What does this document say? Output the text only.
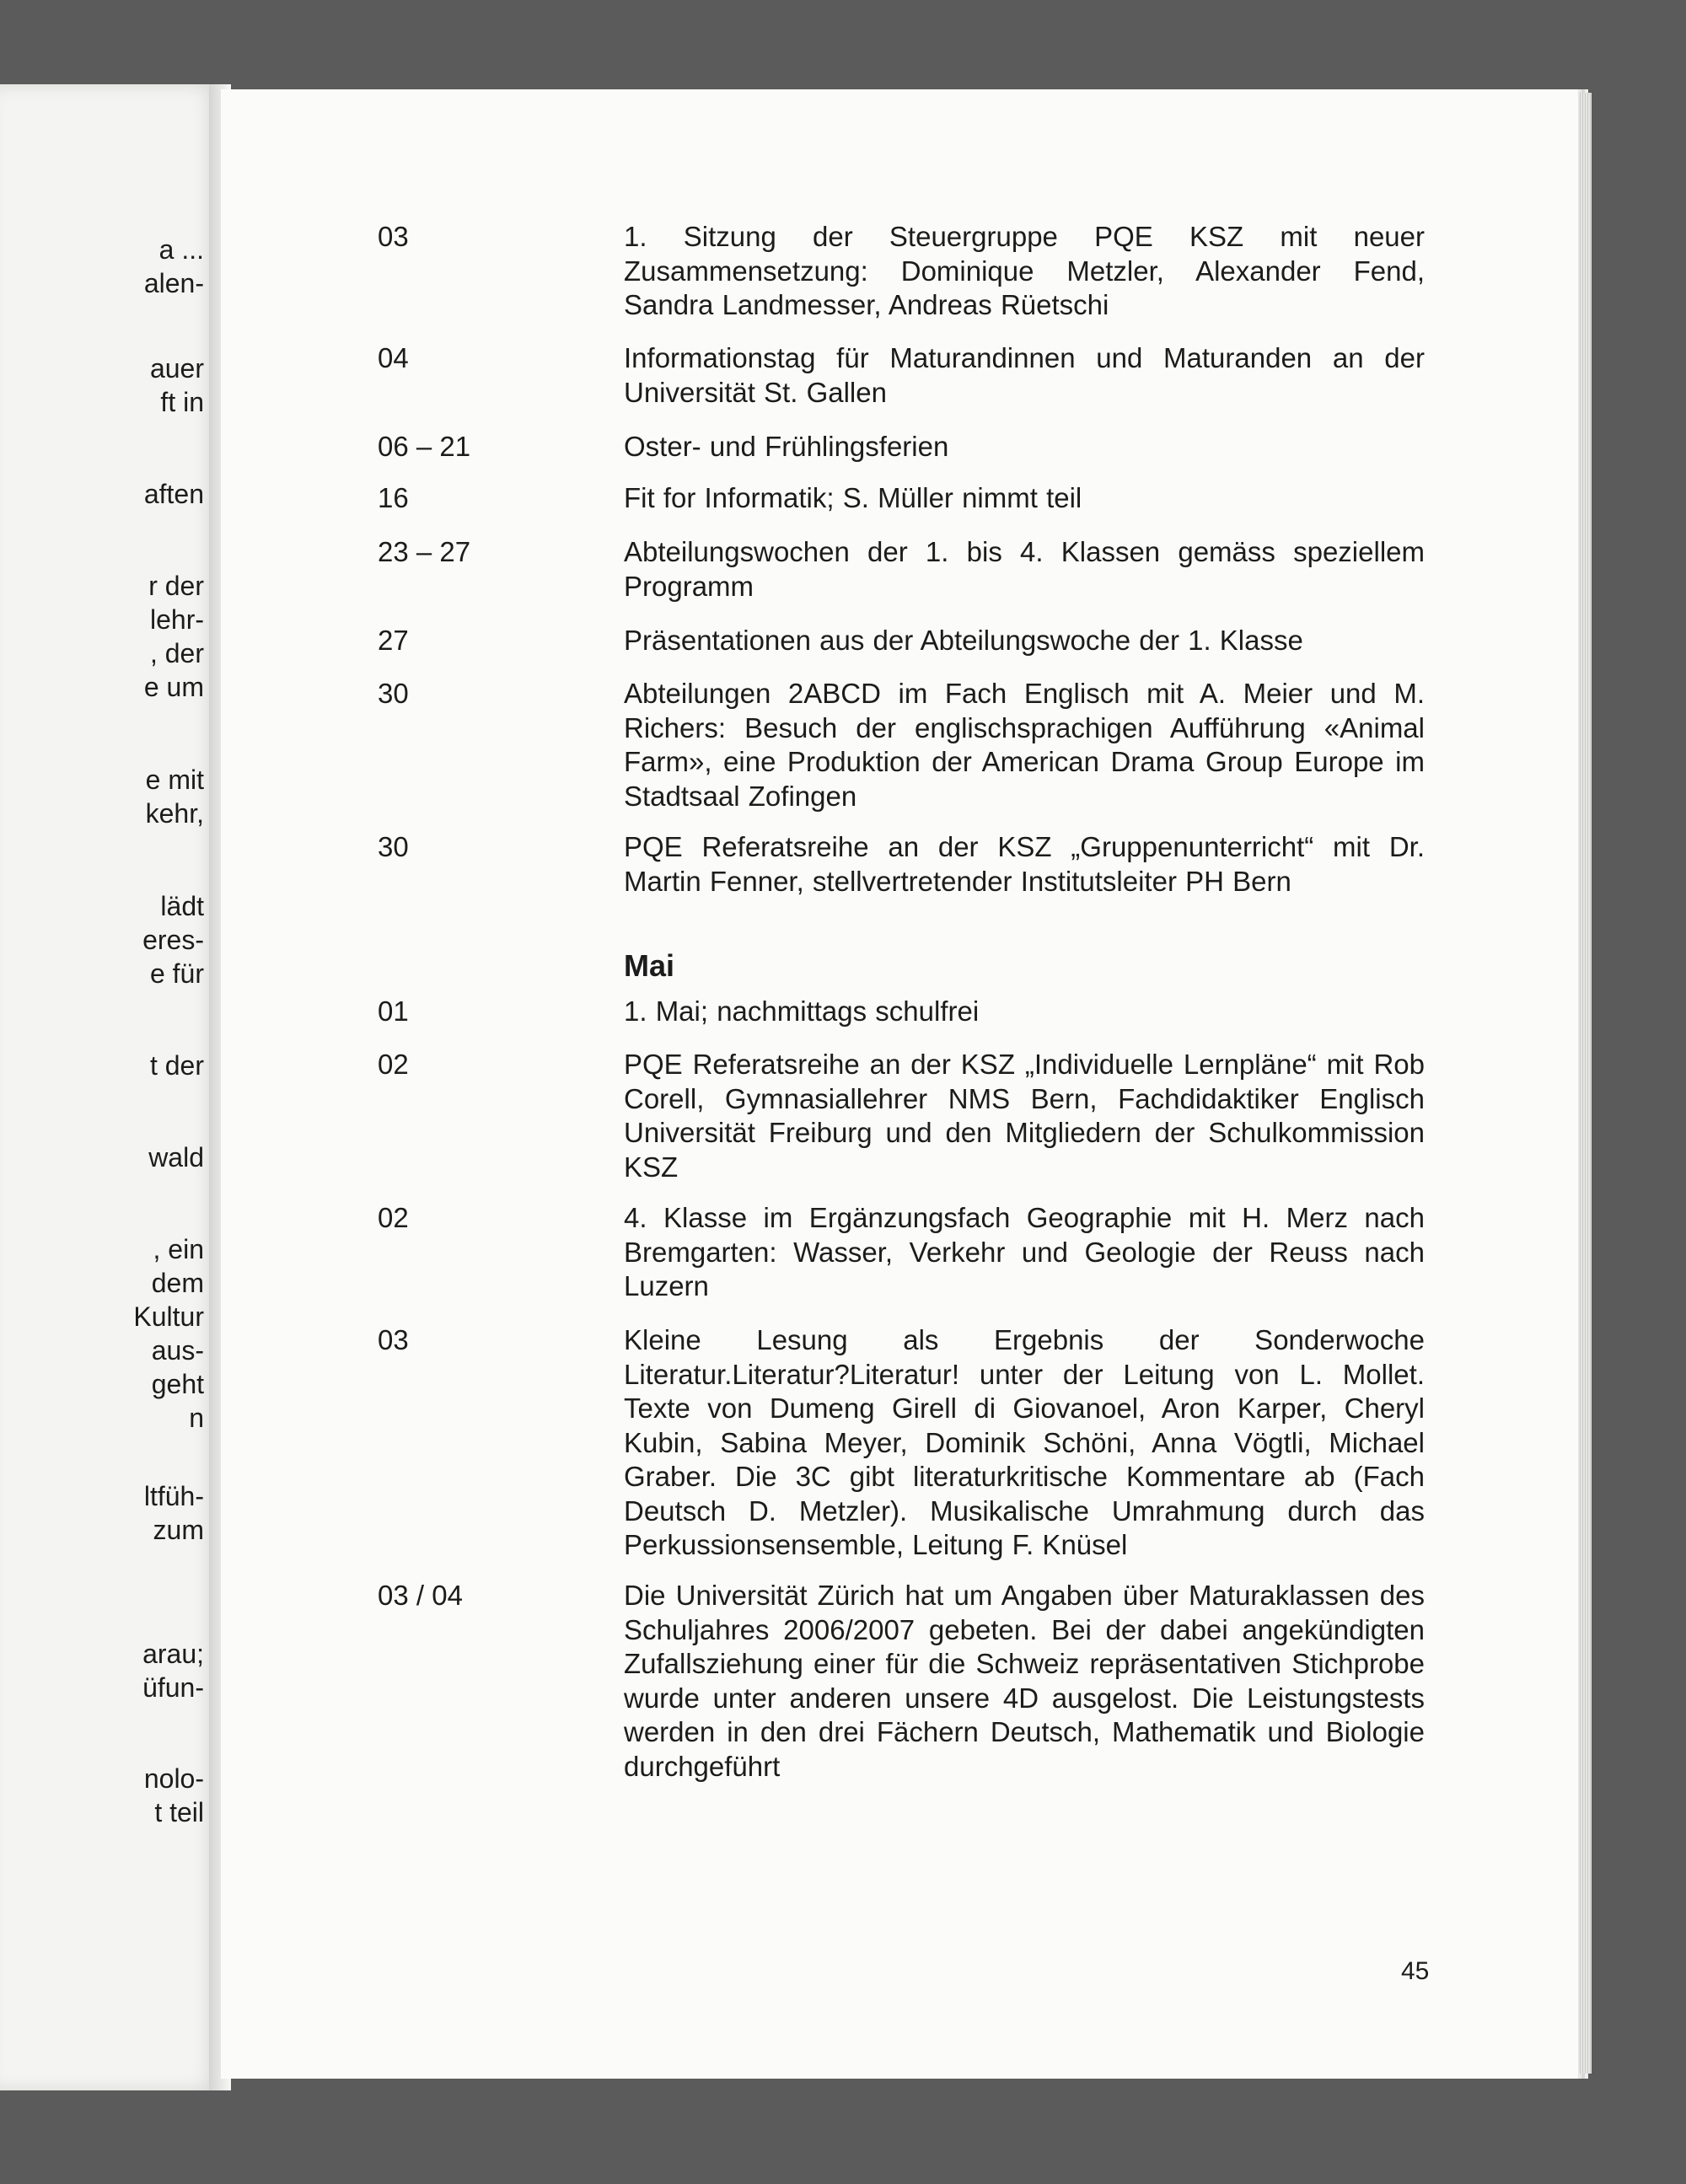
a ...
alen-
auer
ft in
aften
r der
lehr-
, der
e um
e mit
kehr,
lädt
eres-
e für
t der
wald
, ein
dem
Kultur
aus-
geht
n
ltfüh-
zum
arau;
üfun-
nolo-
t teil
03	1. Sitzung der Steuergruppe PQE KSZ mit neuer Zusammensetzung: Dominique Metzler, Alexander Fend, Sandra Landmesser, Andreas Rüetschi
04	Informationstag für Maturandinnen und Maturanden an der Universität St. Gallen
06 – 21	Oster- und Frühlingsferien
16	Fit for Informatik; S. Müller nimmt teil
23 – 27	Abteilungswochen der 1. bis 4. Klassen gemäss speziellem Programm
27	Präsentationen aus der Abteilungswoche der 1. Klasse
30	Abteilungen 2ABCD im Fach Englisch mit A. Meier und M. Richers: Besuch der englischsprachigen Aufführung «Animal Farm», eine Produktion der American Drama Group Europe im Stadtsaal Zofingen
30	PQE Referatsreihe an der KSZ „Gruppenunterricht“ mit Dr. Martin Fenner, stellvertretender Institutsleiter PH Bern
Mai
01	1. Mai; nachmittags schulfrei
02	PQE Referatsreihe an der KSZ „Individuelle Lernpläne“ mit Rob Corell, Gymnasiallehrer NMS Bern, Fachdidaktiker Englisch Universität Freiburg und den Mitgliedern der Schulkommission KSZ
02	4. Klasse im Ergänzungsfach Geographie mit H. Merz nach Bremgarten: Wasser, Verkehr und Geologie der Reuss nach Luzern
03	Kleine Lesung als Ergebnis der Sonderwoche Literatur.Literatur?Literatur! unter der Leitung von L. Mollet. Texte von Dumeng Girell di Giovanoel, Aron Karper, Cheryl Kubin, Sabina Meyer, Dominik Schöni, Anna Vögtli, Michael Graber. Die 3C gibt literaturkritische Kommentare ab (Fach Deutsch D. Metzler). Musikalische Umrahmung durch das Perkussionsensemble, Leitung F. Knüsel
03 / 04	Die Universität Zürich hat um Angaben über Maturaklassen des Schuljahres 2006/2007 gebeten. Bei der dabei angekündigten Zufallsziehung einer für die Schweiz repräsentativen Stichprobe wurde unter anderen unsere 4D ausgelost. Die Leistungstests werden in den drei Fächern Deutsch, Mathematik und Biologie durchgeführt
45
